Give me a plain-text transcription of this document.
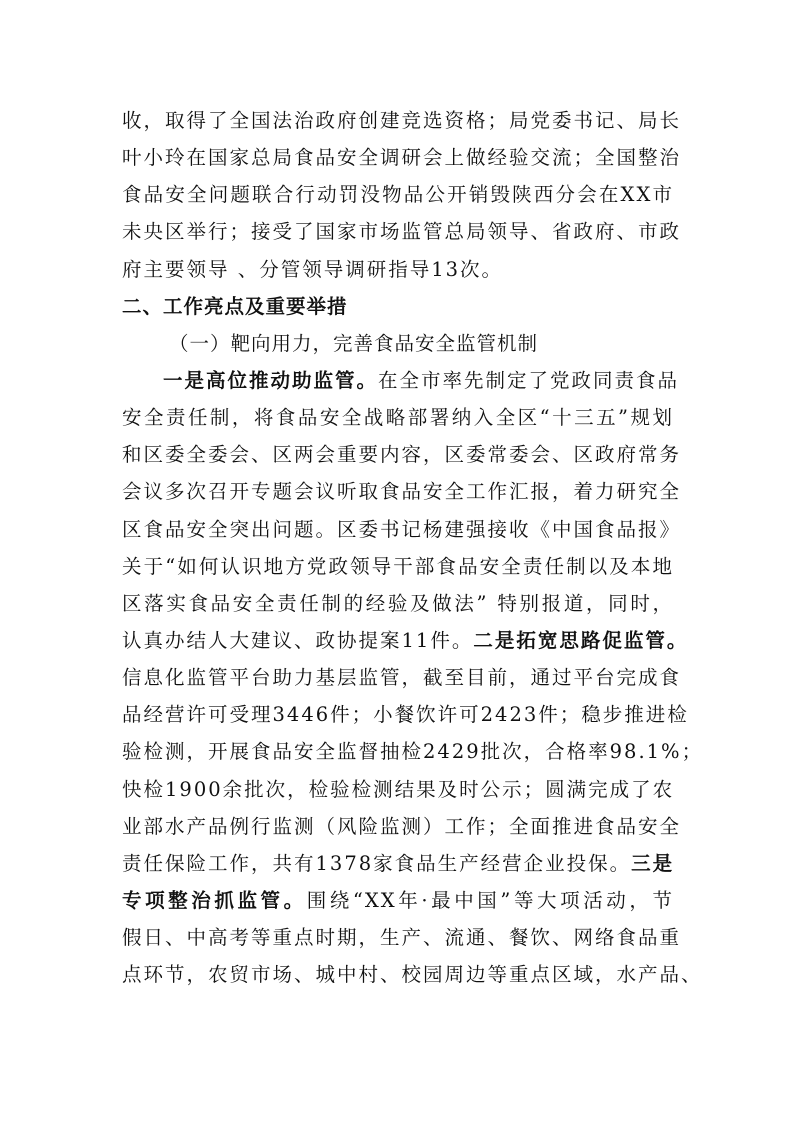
收，取得了全国法治政府创建竞选资格；局党委书记、局长
叶小玲在国家总局食品安全调研会上做经验交流；全国整治
食品安全问题联合行动罚没物品公开销毁陕西分会在XX市
未央区举行；接受了国家市场监管总局领导、省政府、市政
府主要领导 、分管领导调研指导13次。
二、工作亮点及重要举措
（一）靶向用力，完善食品安全监管机制
一是高位推动助监管。在全市率先制定了党政同责食品
安全责任制，将食品安全战略部署纳入全区“十三五”规划
和区委全委会、区两会重要内容，区委常委会、区政府常务
会议多次召开专题会议听取食品安全工作汇报，着力研究全
区食品安全突出问题。区委书记杨建强接收《中国食品报》
关于“如何认识地方党政领导干部食品安全责任制以及本地
区落实食品安全责任制的经验及做法” 特别报道，同时，
认真办结人大建议、政协提案11件。二是拓宽思路促监管。
信息化监管平台助力基层监管，截至目前，通过平台完成食
品经营许可受理3446件；小餐饮许可2423件；稳步推进检
验检测，开展食品安全监督抽检2429批次，合格率98.1%；
快检1900余批次，检验检测结果及时公示；圆满完成了农
业部水产品例行监测（风险监测）工作；全面推进食品安全
责任保险工作，共有1378家食品生产经营企业投保。三是
专项整治抓监管。围绕“XX年·最中国”等大项活动，节
假日、中高考等重点时期，生产、流通、餐饮、网络食品重
点环节，农贸市场、城中村、校园周边等重点区域，水产品、
